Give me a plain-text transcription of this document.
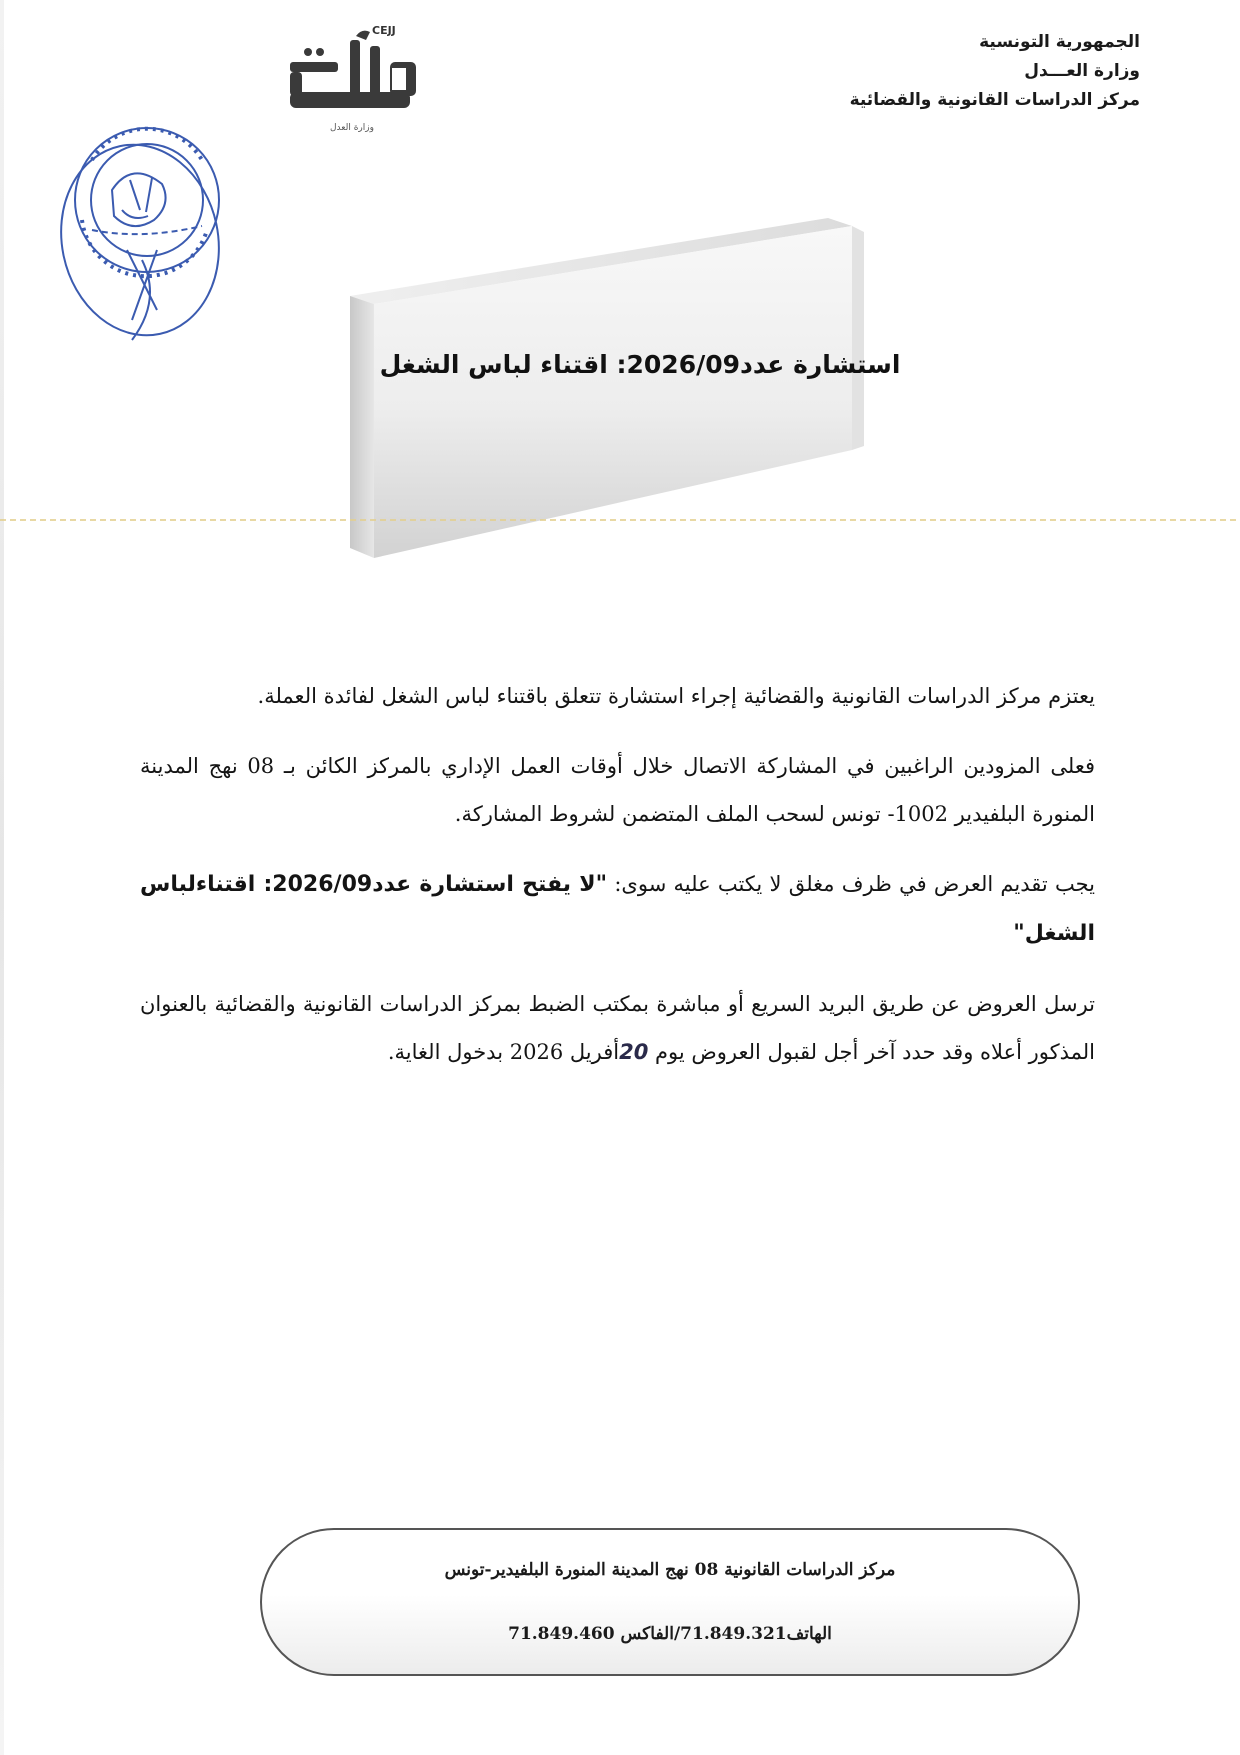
الجمهورية التونسية
وزارة العـــدل
مركز الدراسات القانونية والقضائية
CEJJ
وزارة العدل
استشارة عدد2026/09: اقتناء لباس الشغل

يعتزم مركز الدراسات القانونية والقضائية إجراء استشارة تتعلق باقتناء لباس الشغل لفائدة العملة.

فعلى المزودين الراغبين في المشاركة الاتصال خلال أوقات العمل الإداري بالمركز الكائن بـ 08 نهج المدينة المنورة البلفيدير 1002- تونس لسحب الملف المتضمن لشروط المشاركة.

يجب تقديم العرض في ظرف مغلق لا يكتب عليه سوى: "لا يفتح استشارة عدد2026/09: اقتناءلباس الشغل"

ترسل العروض عن طريق البريد السريع أو مباشرة بمكتب الضبط بمركز الدراسات القانونية والقضائية بالعنوان المذكور أعلاه وقد حدد آخر أجل لقبول العروض يوم 20أفريل 2026 بدخول الغاية.

مركز الدراسات القانونية 08 نهج المدينة المنورة البلفيدير-تونس
الهاتف71.849.321/الفاكس 71.849.460
